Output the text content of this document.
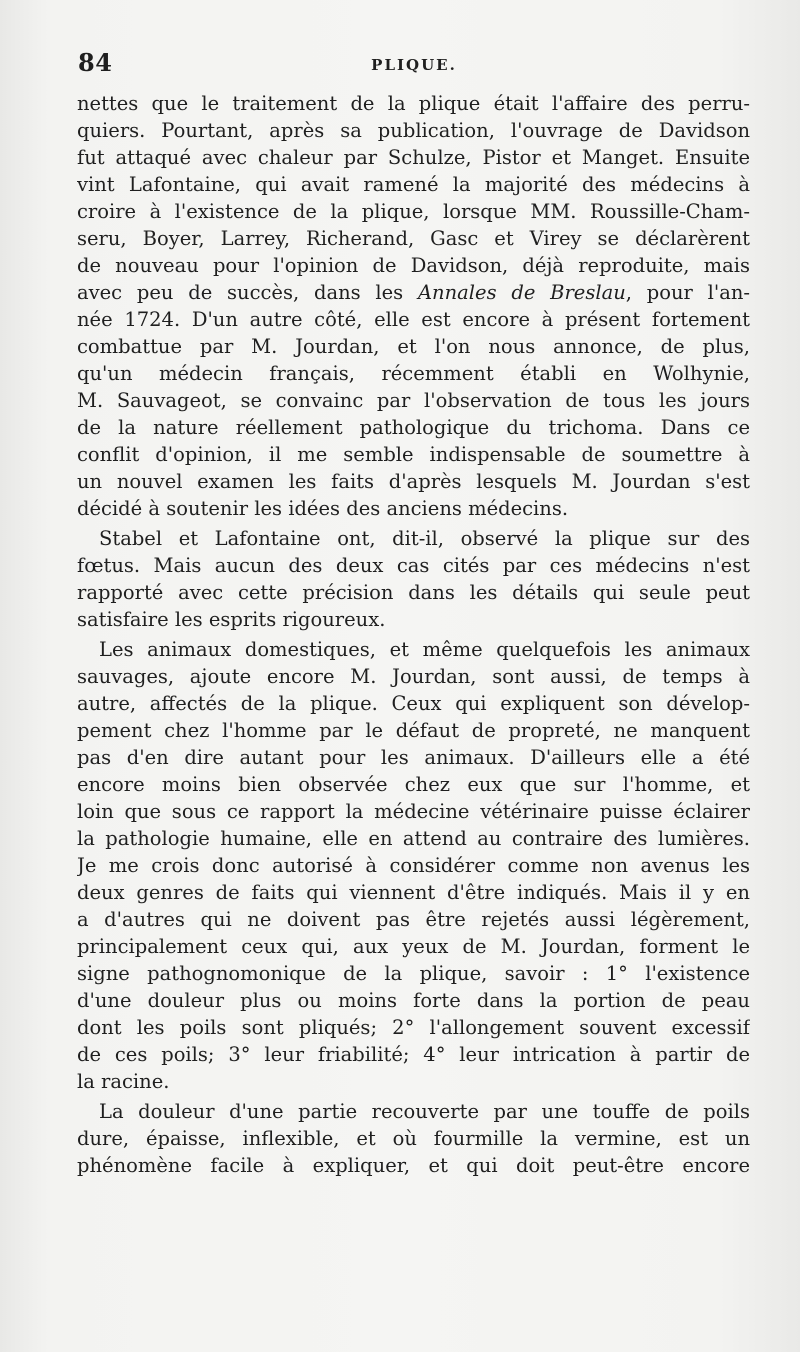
84	PLIQUE.

nettes que le traitement de la plique était l'affaire des perru-
quiers. Pourtant, après sa publication, l'ouvrage de Davidson
fut attaqué avec chaleur par Schulze, Pistor et Manget. Ensuite
vint Lafontaine, qui avait ramené la majorité des médecins à
croire à l'existence de la plique, lorsque MM. Roussille-Cham-
seru, Boyer, Larrey, Richerand, Gasc et Virey se déclarèrent
de nouveau pour l'opinion de Davidson, déjà reproduite, mais
avec peu de succès, dans les Annales de Breslau, pour l'an-
née 1724. D'un autre côté, elle est encore à présent fortement
combattue par M. Jourdan, et l'on nous annonce, de plus,
qu'un médecin français, récemment établi en Wolhynie,
M. Sauvageot, se convainc par l'observation de tous les jours
de la nature réellement pathologique du trichoma. Dans ce
conflit d'opinion, il me semble indispensable de soumettre à
un nouvel examen les faits d'après lesquels M. Jourdan s'est
décidé à soutenir les idées des anciens médecins.

Stabel et Lafontaine ont, dit-il, observé la plique sur des
fœtus. Mais aucun des deux cas cités par ces médecins n'est
rapporté avec cette précision dans les détails qui seule peut
satisfaire les esprits rigoureux.

Les animaux domestiques, et même quelquefois les animaux
sauvages, ajoute encore M. Jourdan, sont aussi, de temps à
autre, affectés de la plique. Ceux qui expliquent son dévelop-
pement chez l'homme par le défaut de propreté, ne manquent
pas d'en dire autant pour les animaux. D'ailleurs elle a été
encore moins bien observée chez eux que sur l'homme, et
loin que sous ce rapport la médecine vétérinaire puisse éclairer
la pathologie humaine, elle en attend au contraire des lumières.
Je me crois donc autorisé à considérer comme non avenus les
deux genres de faits qui viennent d'être indiqués. Mais il y en
a d'autres qui ne doivent pas être rejetés aussi légèrement,
principalement ceux qui, aux yeux de M. Jourdan, forment le
signe pathognomonique de la plique, savoir : 1° l'existence
d'une douleur plus ou moins forte dans la portion de peau
dont les poils sont pliqués; 2° l'allongement souvent excessif
de ces poils; 3° leur friabilité; 4° leur intrication à partir de
la racine.

La douleur d'une partie recouverte par une touffe de poils
dure, épaisse, inflexible, et où fourmille la vermine, est un
phénomène facile à expliquer, et qui doit peut-être encore
